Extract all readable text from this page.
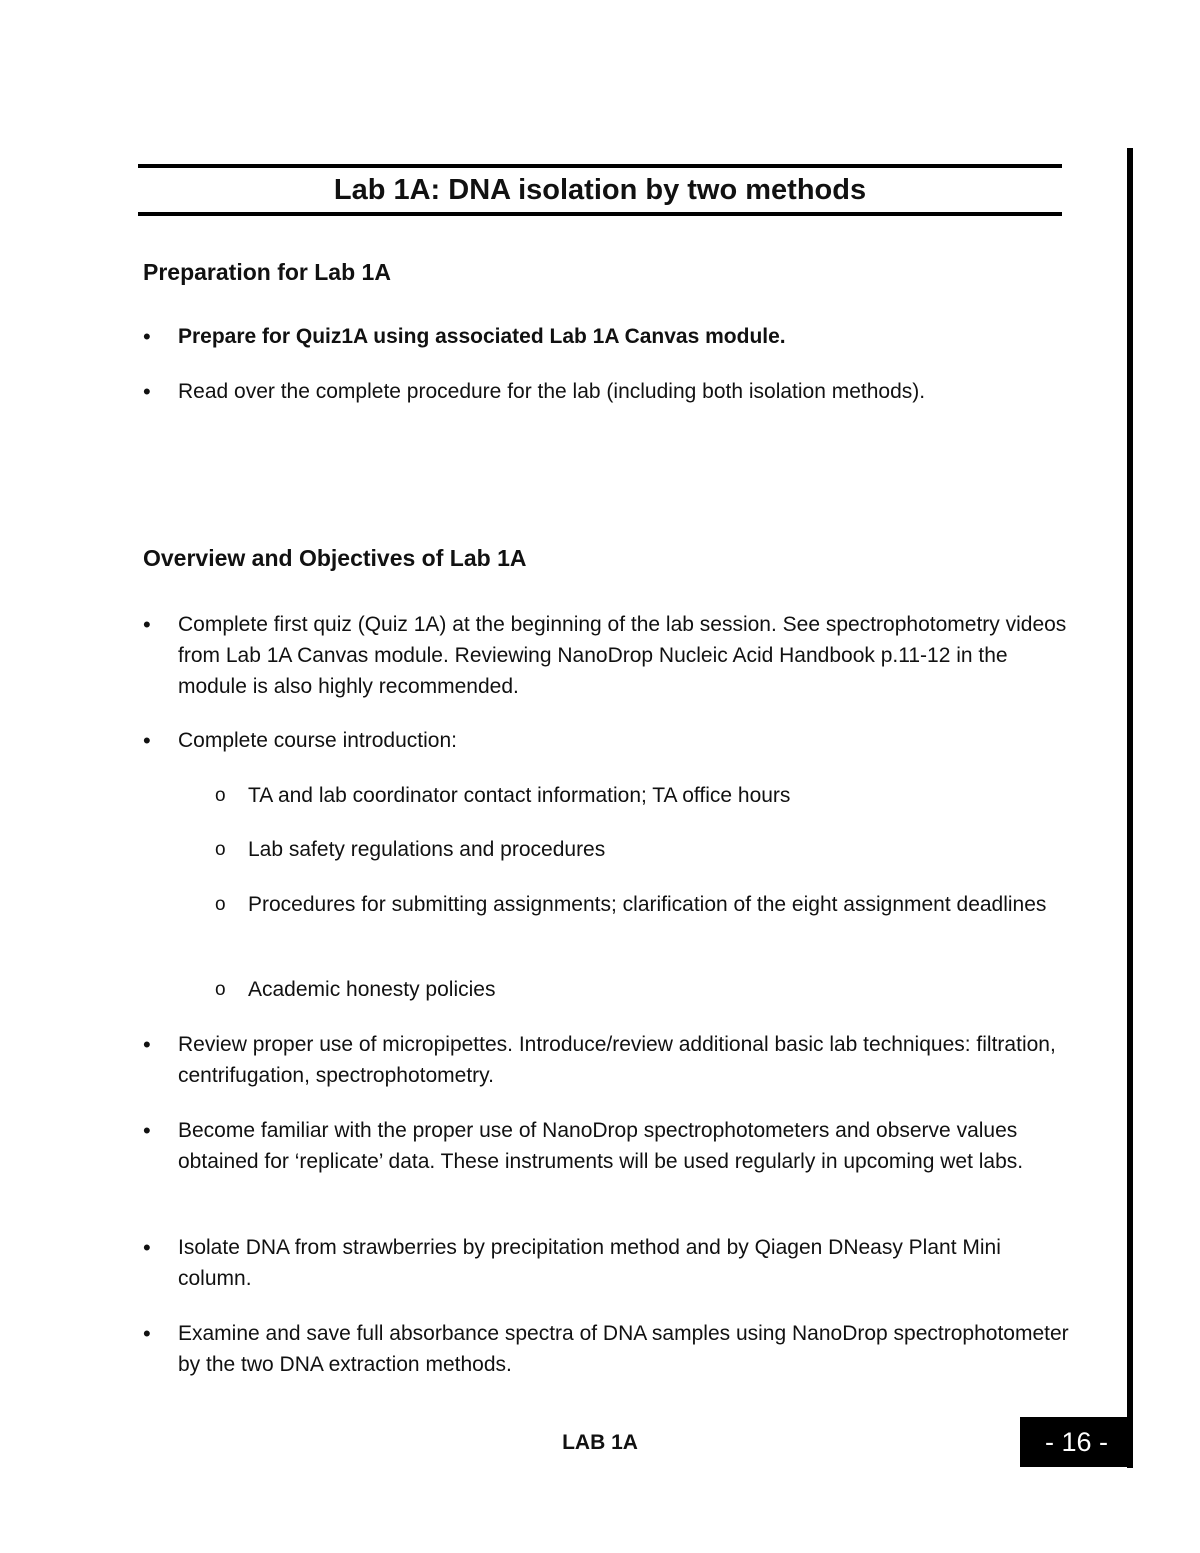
Lab 1A: DNA isolation by two methods
Preparation for Lab 1A
•
Prepare for Quiz1A using associated Lab 1A Canvas module.
•
Read over the complete procedure for the lab (including both isolation methods).
Overview and Objectives of Lab 1A
•
Complete first quiz (Quiz 1A) at the beginning of the lab session. See spectrophotometry videos from Lab 1A Canvas module. Reviewing NanoDrop Nucleic Acid Handbook p.11-12 in the module is also highly recommended.
•
Complete course introduction:
o
TA and lab coordinator contact information; TA office hours
o
Lab safety regulations and procedures
o
Procedures for submitting assignments; clarification of the eight assignment deadlines
o
Academic honesty policies
•
Review proper use of micropipettes. Introduce/review additional basic lab techniques: filtration, centrifugation, spectrophotometry.
•
Become familiar with the proper use of NanoDrop spectrophotometers and observe values obtained for ‘replicate’ data. These instruments will be used regularly in upcoming wet labs.
•
Isolate DNA from strawberries by precipitation method and by Qiagen DNeasy Plant Mini column.
•
Examine and save full absorbance spectra of DNA samples using NanoDrop spectrophotometer by the two DNA extraction methods.
LAB 1A	- 16 -
